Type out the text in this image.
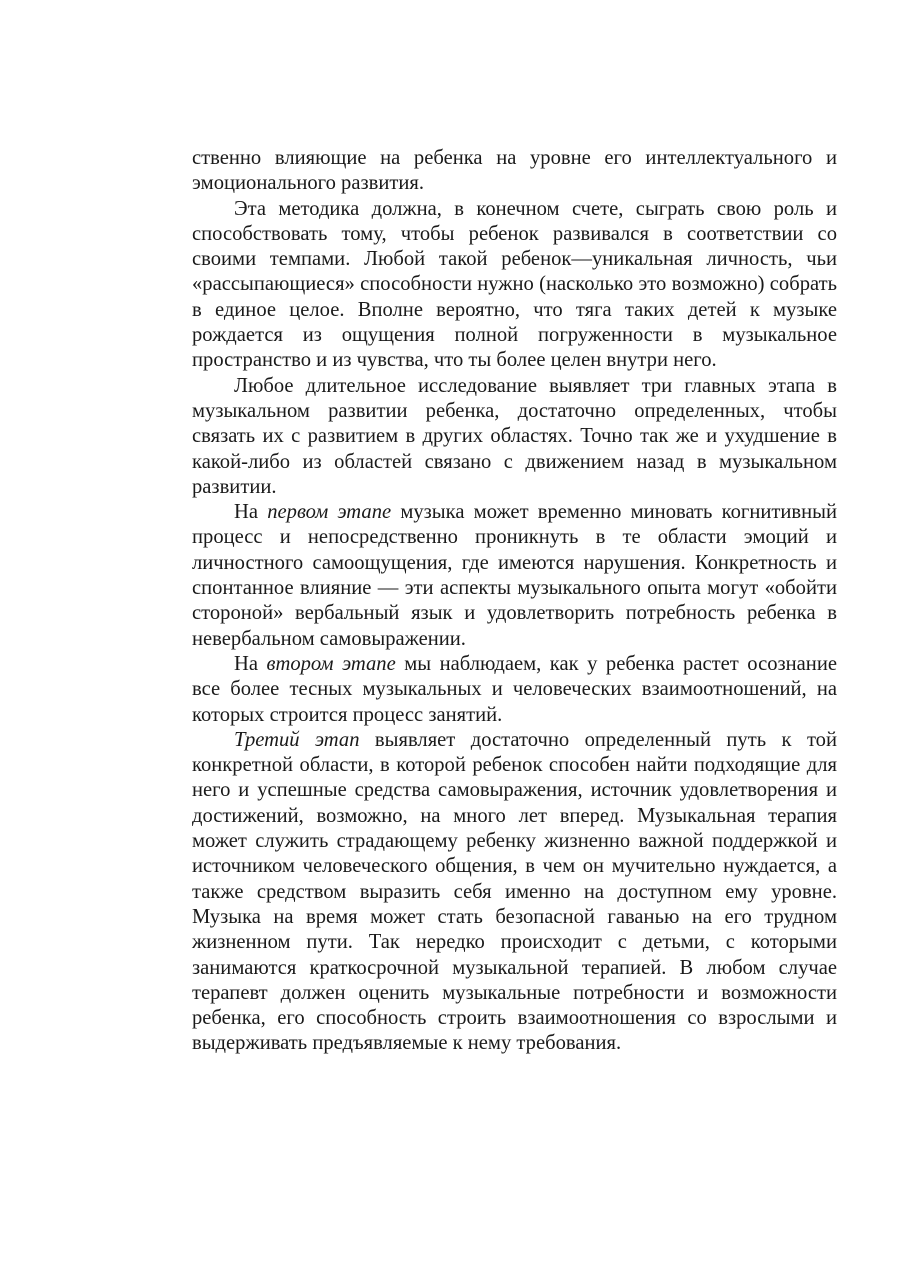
ственно влияющие на ребенка на уровне его интеллектуального и эмоционального развития.

Эта методика должна, в конечном счете, сыграть свою роль и способствовать тому, чтобы ребенок развивался в соответствии со своими темпами. Любой такой ребенок—уникальная личность, чьи «рассыпающиеся» способности нужно (насколько это возможно) собрать в единое целое. Вполне вероятно, что тяга таких детей к музыке рождается из ощущения полной погруженности в музыкальное пространство и из чувства, что ты более целен внутри него.

Любое длительное исследование выявляет три главных этапа в музыкальном развитии ребенка, достаточно определенных, чтобы связать их с развитием в других областях. Точно так же и ухудшение в какой-либо из областей связано с движением назад в музыкальном развитии.

На первом этапе музыка может временно миновать когнитивный процесс и непосредственно проникнуть в те области эмоций и личностного самоощущения, где имеются нарушения. Конкретность и спонтанное влияние — эти аспекты музыкального опыта могут «обойти стороной» вербальный язык и удовлетворить потребность ребенка в невербальном самовыражении.

На втором этапе мы наблюдаем, как у ребенка растет осознание все более тесных музыкальных и человеческих взаимоотношений, на которых строится процесс занятий.

Третий этап выявляет достаточно определенный путь к той конкретной области, в которой ребенок способен найти подходящие для него и успешные средства самовыражения, источник удовлетворения и достижений, возможно, на много лет вперед. Музыкальная терапия может служить страдающему ребенку жизненно важной поддержкой и источником человеческого общения, в чем он мучительно нуждается, а также средством выразить себя именно на доступном ему уровне. Музыка на время может стать безопасной гаванью на его трудном жизненном пути. Так нередко происходит с детьми, с которыми занимаются краткосрочной музыкальной терапией. В любом случае терапевт должен оценить музыкальные потребности и возможности ребенка, его способность строить взаимоотношения со взрослыми и выдерживать предъявляемые к нему требования.
